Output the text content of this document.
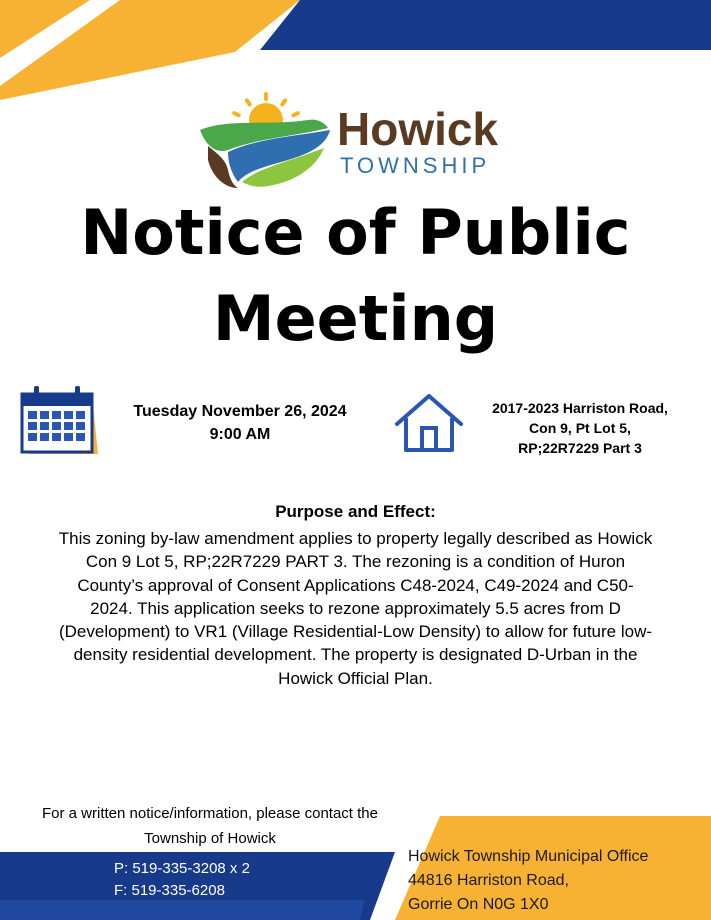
Howick
TOWNSHIP
Notice of Public
Meeting
Tuesday November 26, 2024
9:00 AM
2017-2023 Harriston Road,
Con 9, Pt Lot 5,
RP;22R7229 Part 3
Purpose and Effect:
This zoning by-law amendment applies to property legally described as Howick
Con 9 Lot 5, RP;22R7229 PART 3. The rezoning is a condition of Huron
County’s approval of Consent Applications C48-2024, C49-2024 and C50-
2024. This application seeks to rezone approximately 5.5 acres from D
(Development) to VR1 (Village Residential-Low Density) to allow for future low-
density residential development. The property is designated D-Urban in the
Howick Official Plan.
For a written notice/information, please contact the
Township of Howick
P: 519-335-3208 x 2
F: 519-335-6208
Howick Township Municipal Office
44816 Harriston Road,
Gorrie On N0G 1X0
